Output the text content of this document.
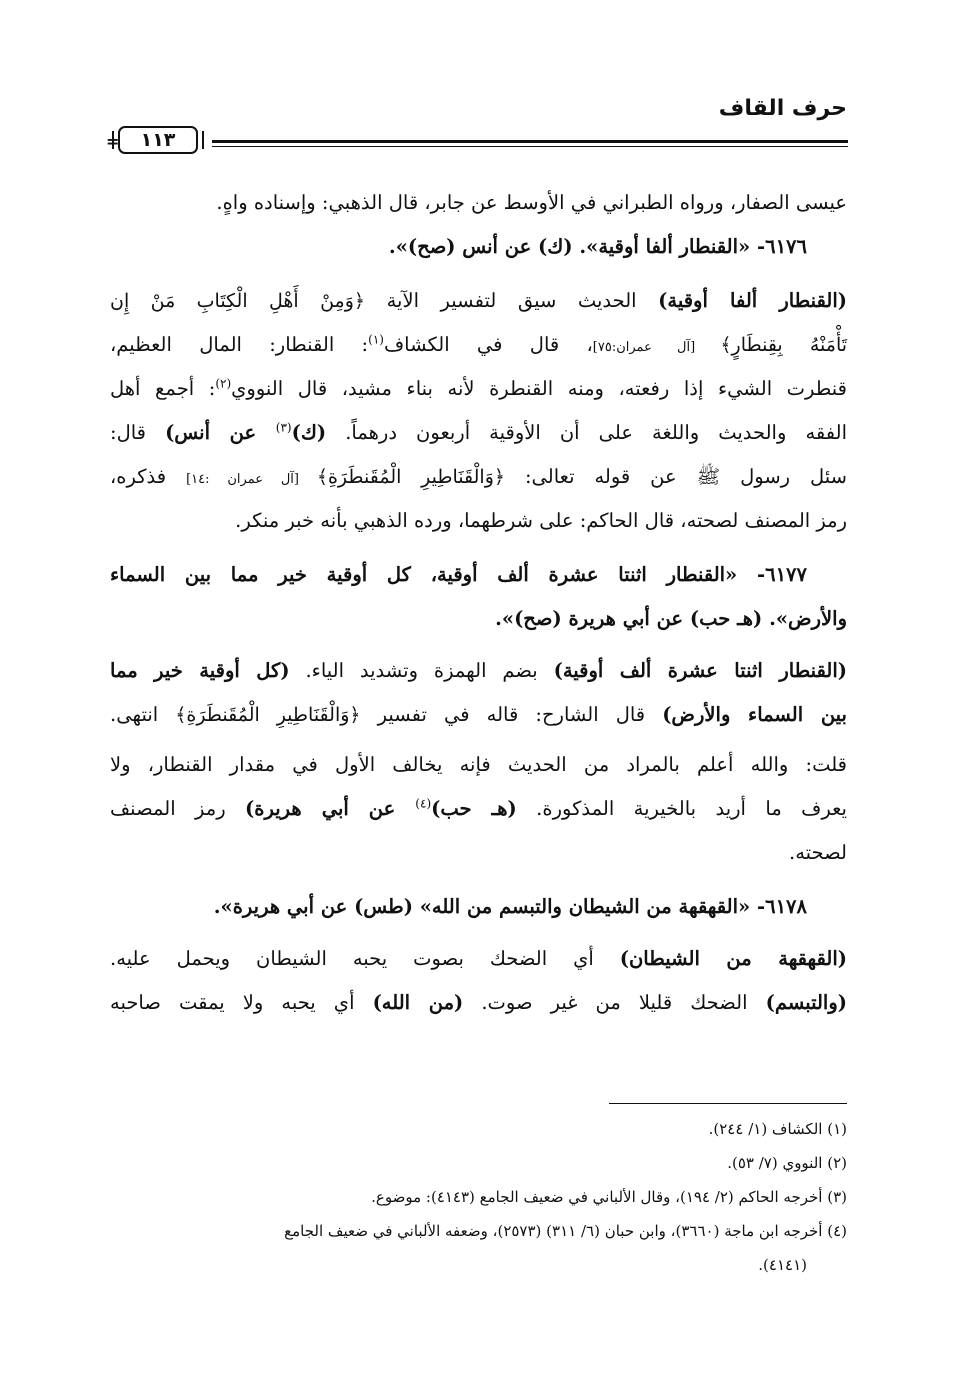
حرف القاف
= ١١٣
عيسى الصفار، ورواه الطبراني في الأوسط عن جابر، قال الذهبي: وإسناده واهٍ.
٦١٧٦- «القنطار ألفا أوقية». (ك) عن أنس (صح)».
(القنطار ألفا أوقية) الحديث سيق لتفسير الآية ﴿وَمِنْ أَهْلِ الْكِتَابِ مَنْ إِن
تَأْمَنْهُ بِقِنطَارٍ﴾ [آل عمران:٧٥]، قال في الكشاف$^{(١)}$: القنطار: المال العظيم،
قنطرت الشيء إذا رفعته، ومنه القنطرة لأنه بناء مشيد، قال النووي$^{(٢)}$: أجمع أهل
الفقه والحديث واللغة على أن الأوقية أربعون درهماً. (ك)$^{(٣)}$ عن أنس) قال:
سئل رسول ﷺ عن قوله تعالى: ﴿وَالْقَنَاطِيرِ الْمُقَنطَرَةِ﴾ [آل عمران :١٤] فذكره،
رمز المصنف لصحته، قال الحاكم: على شرطهما، ورده الذهبي بأنه خبر منكر.
٦١٧٧- «القنطار اثنتا عشرة ألف أوقية، كل أوقية خير مما بين السماء
والأرض». (هـ حب) عن أبي هريرة (صح)».
(القنطار اثنتا عشرة ألف أوقية) بضم الهمزة وتشديد الياء. (كل أوقية خير مما
بين السماء والأرض) قال الشارح: قاله في تفسير ﴿وَالْقَنَاطِيرِ الْمُقَنطَرَةِ﴾ انتهى.
قلت: والله أعلم بالمراد من الحديث فإنه يخالف الأول في مقدار القنطار، ولا
يعرف ما أريد بالخيرية المذكورة. (هـ حب)$^{(٤)}$ عن أبي هريرة) رمز المصنف
لصحته.
٦١٧٨- «القهقهة من الشيطان والتبسم من الله» (طس) عن أبي هريرة».
(القهقهة من الشيطان) أي الضحك بصوت يحبه الشيطان ويحمل عليه.
(والتبسم) الضحك قليلا من غير صوت. (من الله) أي يحبه ولا يمقت صاحبه
(١) الكشاف (١/ ٢٤٤).
(٢) النووي (٧/ ٥٣).
(٣) أخرجه الحاكم (٢/ ١٩٤)، وقال الألباني في ضعيف الجامع (٤١٤٣): موضوع.
(٤) أخرجه ابن ماجة (٣٦٦٠)، وابن حبان (٦/ ٣١١) (٢٥٧٣)، وضعفه الألباني في ضعيف الجامع
(٤١٤١).
